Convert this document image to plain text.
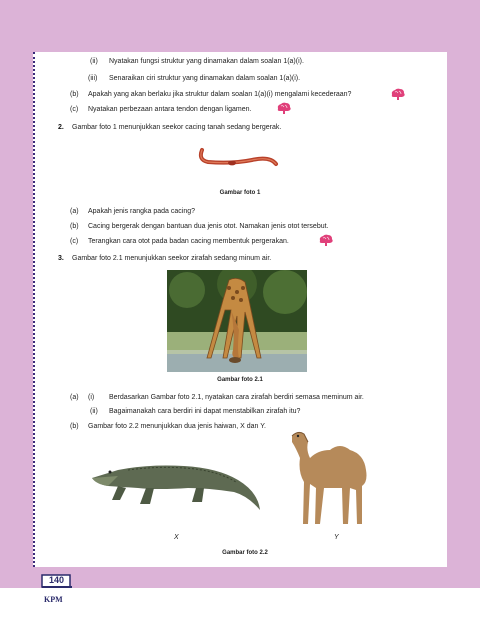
(ii) Nyatakan fungsi struktur yang dinamakan dalam soalan 1(a)(i).
(iii) Senaraikan ciri struktur yang dinamakan dalam soalan 1(a)(i).
(b) Apakah yang akan berlaku jika struktur dalam soalan 1(a)(i) mengalami kecederaan?
(c) Nyatakan perbezaan antara tendon dengan ligamen.
2. Gambar foto 1 menunjukkan seekor cacing tanah sedang bergerak.
Gambar foto 1
(a) Apakah jenis rangka pada cacing?
(b) Cacing bergerak dengan bantuan dua jenis otot. Namakan jenis otot tersebut.
(c) Terangkan cara otot pada badan cacing membentuk pergerakan.
3. Gambar foto 2.1 menunjukkan seekor zirafah sedang minum air.
Gambar foto 2.1
(a) (i) Berdasarkan Gambar foto 2.1, nyatakan cara zirafah berdiri semasa meminum air.
(ii) Bagaimanakah cara berdiri ini dapat menstabilkan zirafah itu?
(b) Gambar foto 2.2 menunjukkan dua jenis haiwan, X dan Y.
X	Y
Gambar foto 2.2
140
KPM
